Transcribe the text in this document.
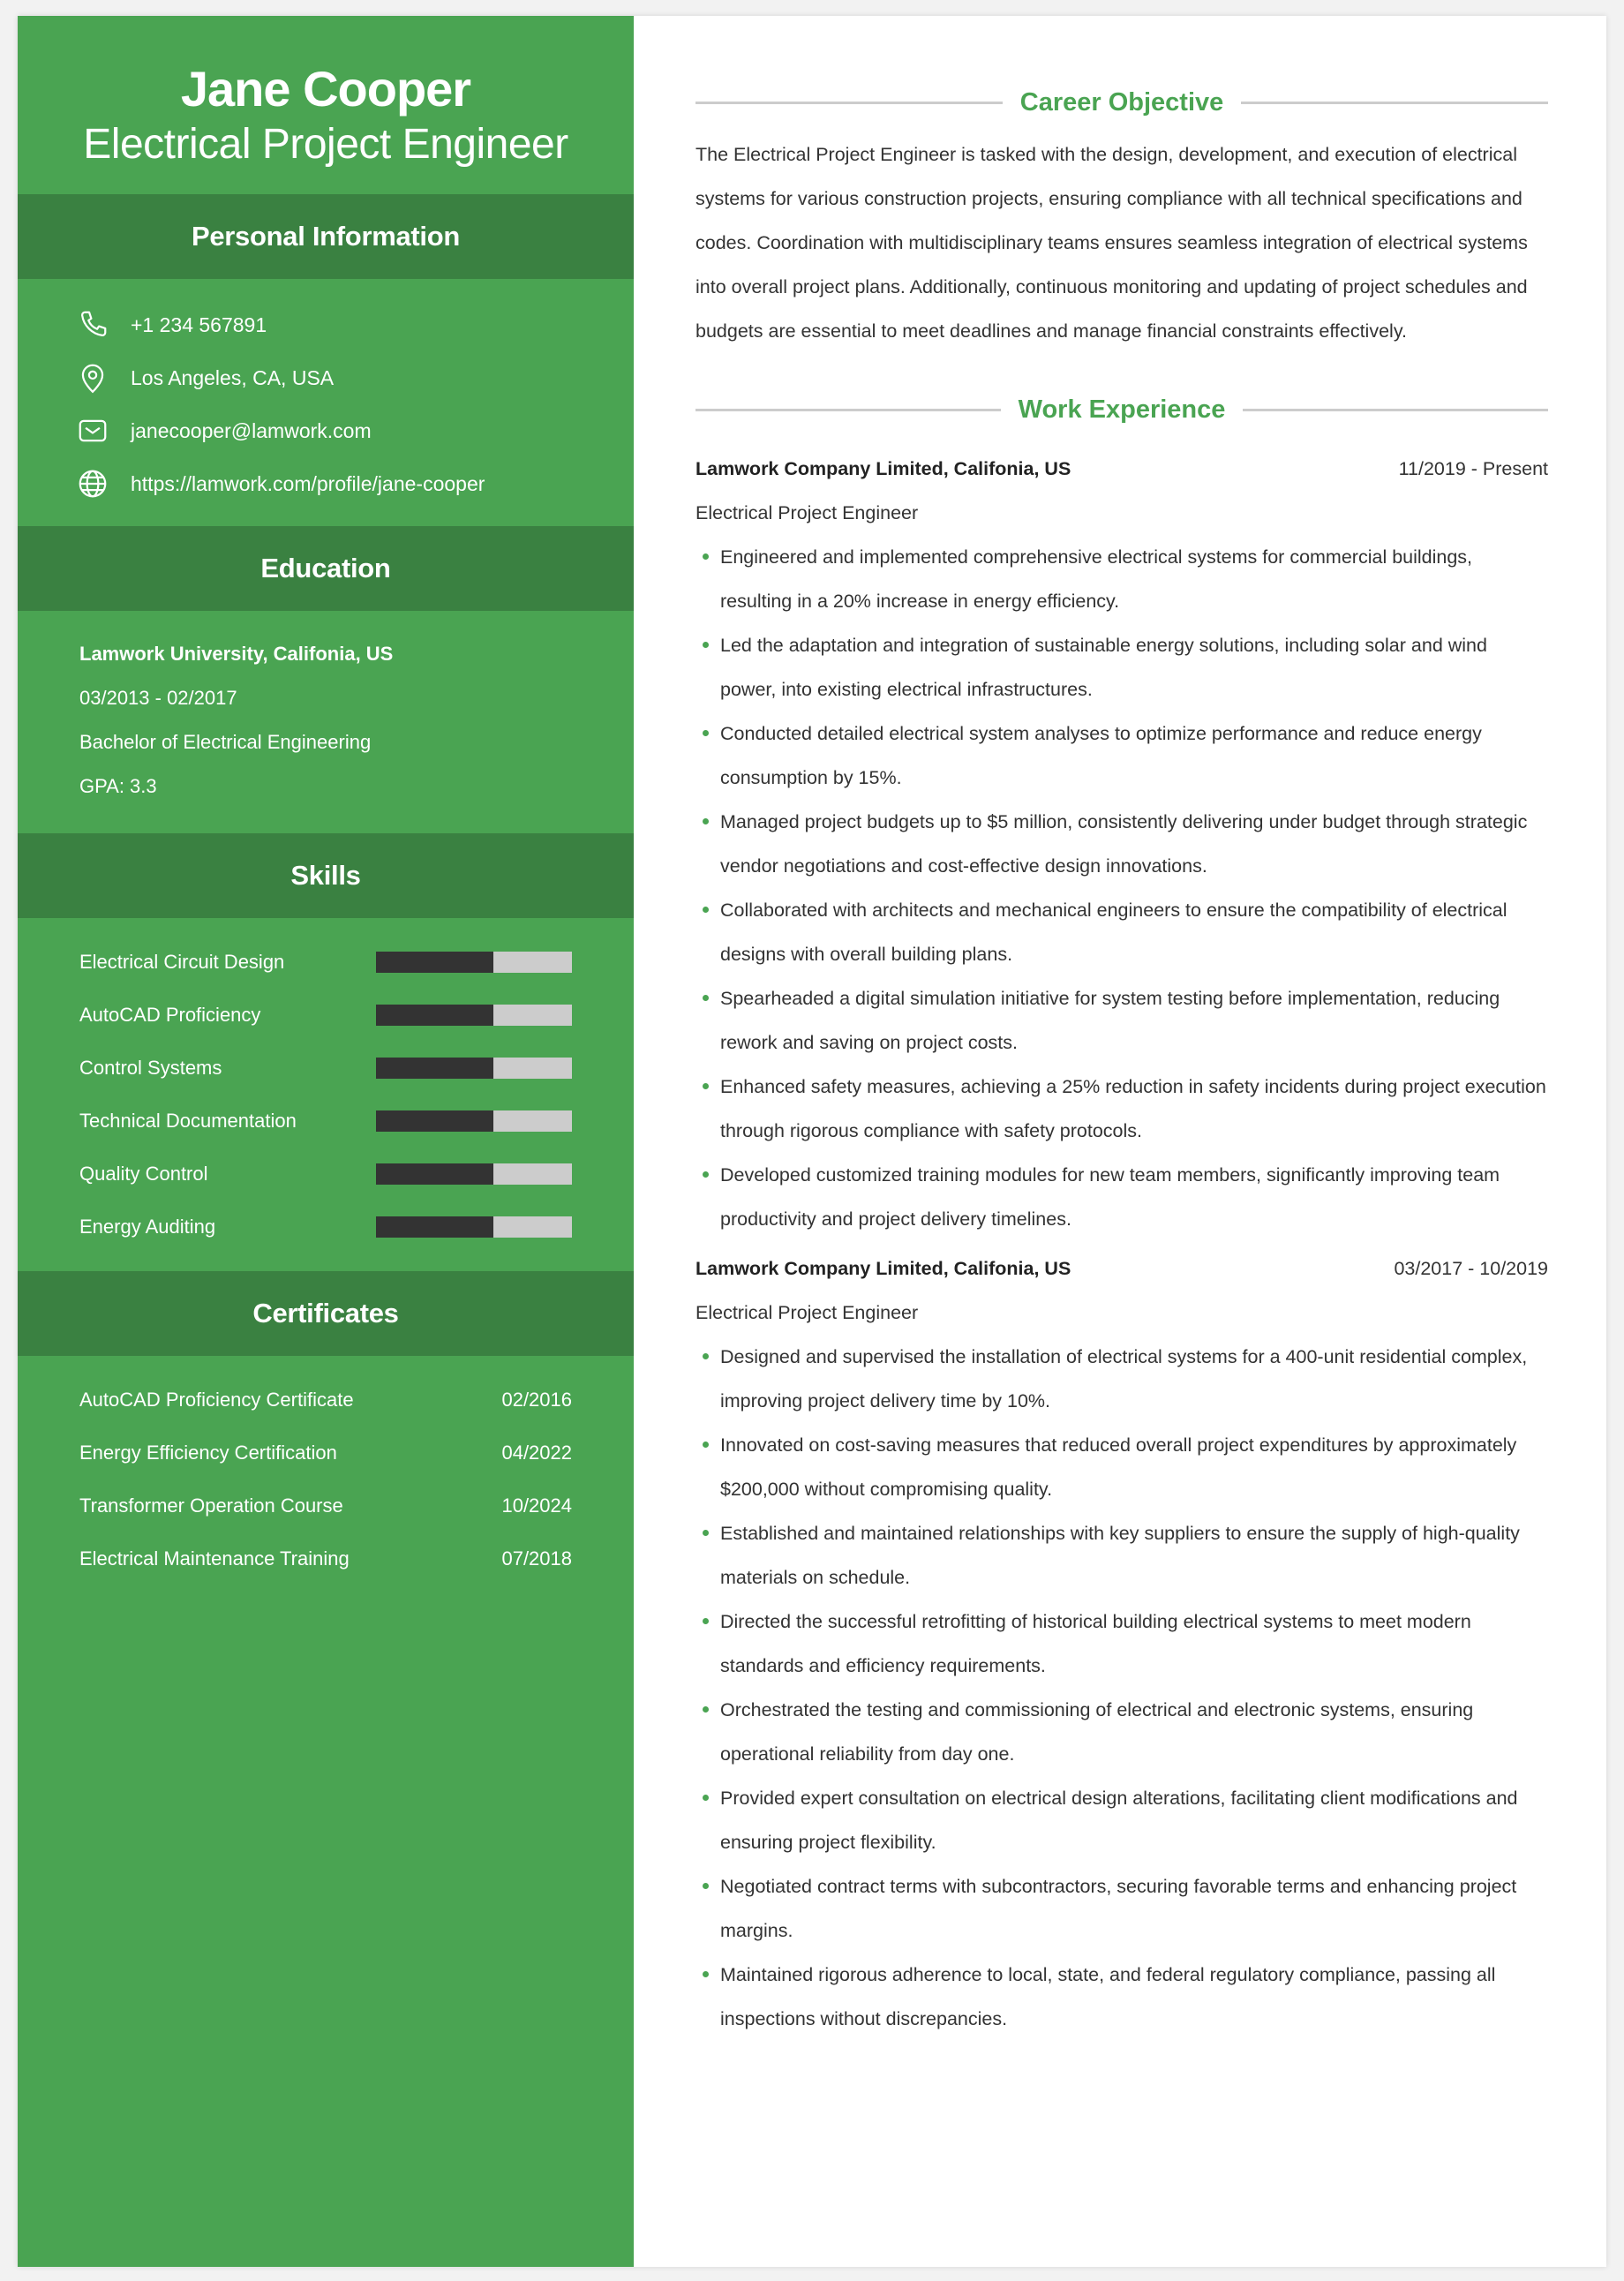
Jane Cooper
Electrical Project Engineer
Personal Information
+1 234 567891
Los Angeles, CA, USA
janecooper@lamwork.com
https://lamwork.com/profile/jane-cooper
Education
Lamwork University, Califonia, US
03/2013 - 02/2017
Bachelor of Electrical Engineering
GPA: 3.3
Skills
Electrical Circuit Design
AutoCAD Proficiency
Control Systems
Technical Documentation
Quality Control
Energy Auditing
Certificates
AutoCAD Proficiency Certificate	02/2016
Energy Efficiency Certification	04/2022
Transformer Operation Course	10/2024
Electrical Maintenance Training	07/2018
Career Objective
The Electrical Project Engineer is tasked with the design, development, and execution of electrical systems for various construction projects, ensuring compliance with all technical specifications and codes. Coordination with multidisciplinary teams ensures seamless integration of electrical systems into overall project plans. Additionally, continuous monitoring and updating of project schedules and budgets are essential to meet deadlines and manage financial constraints effectively.
Work Experience
Lamwork Company Limited, Califonia, US	11/2019 - Present
Electrical Project Engineer
Engineered and implemented comprehensive electrical systems for commercial buildings, resulting in a 20% increase in energy efficiency.
Led the adaptation and integration of sustainable energy solutions, including solar and wind power, into existing electrical infrastructures.
Conducted detailed electrical system analyses to optimize performance and reduce energy consumption by 15%.
Managed project budgets up to $5 million, consistently delivering under budget through strategic vendor negotiations and cost-effective design innovations.
Collaborated with architects and mechanical engineers to ensure the compatibility of electrical designs with overall building plans.
Spearheaded a digital simulation initiative for system testing before implementation, reducing rework and saving on project costs.
Enhanced safety measures, achieving a 25% reduction in safety incidents during project execution through rigorous compliance with safety protocols.
Developed customized training modules for new team members, significantly improving team productivity and project delivery timelines.
Lamwork Company Limited, Califonia, US	03/2017 - 10/2019
Electrical Project Engineer
Designed and supervised the installation of electrical systems for a 400-unit residential complex, improving project delivery time by 10%.
Innovated on cost-saving measures that reduced overall project expenditures by approximately $200,000 without compromising quality.
Established and maintained relationships with key suppliers to ensure the supply of high-quality materials on schedule.
Directed the successful retrofitting of historical building electrical systems to meet modern standards and efficiency requirements.
Orchestrated the testing and commissioning of electrical and electronic systems, ensuring operational reliability from day one.
Provided expert consultation on electrical design alterations, facilitating client modifications and ensuring project flexibility.
Negotiated contract terms with subcontractors, securing favorable terms and enhancing project margins.
Maintained rigorous adherence to local, state, and federal regulatory compliance, passing all inspections without discrepancies.
